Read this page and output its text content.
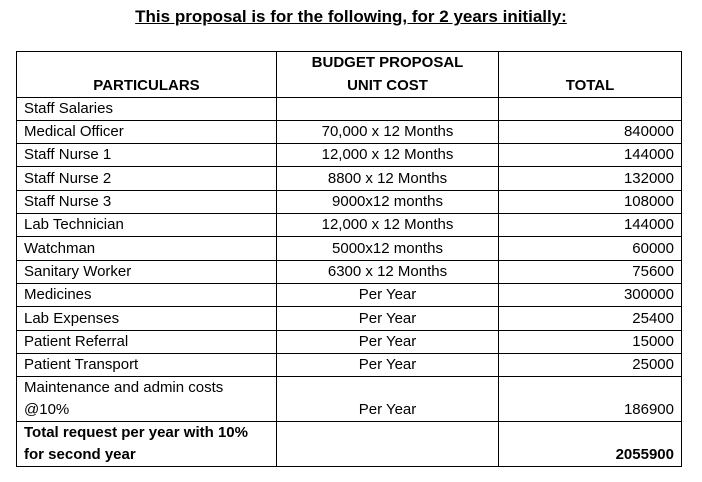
This proposal is for the following, for 2 years initially:
	BUDGET PROPOSAL	
PARTICULARS	UNIT COST	TOTAL
Staff Salaries		
Medical Officer	70,000 x 12 Months	840000
Staff Nurse 1	12,000 x 12 Months	144000
Staff Nurse 2	8800 x 12 Months	132000
Staff Nurse 3	9000x12 months	108000
Lab Technician	12,000 x 12 Months	144000
Watchman	5000x12 months	60000
Sanitary Worker	6300 x 12 Months	75600
Medicines	Per Year	300000
Lab Expenses	Per Year	25400
Patient Referral	Per Year	15000
Patient Transport	Per Year	25000

Maintenance and admin costs
@10%	Per Year	186900

Total request per year with 10%
for second year		2055900
